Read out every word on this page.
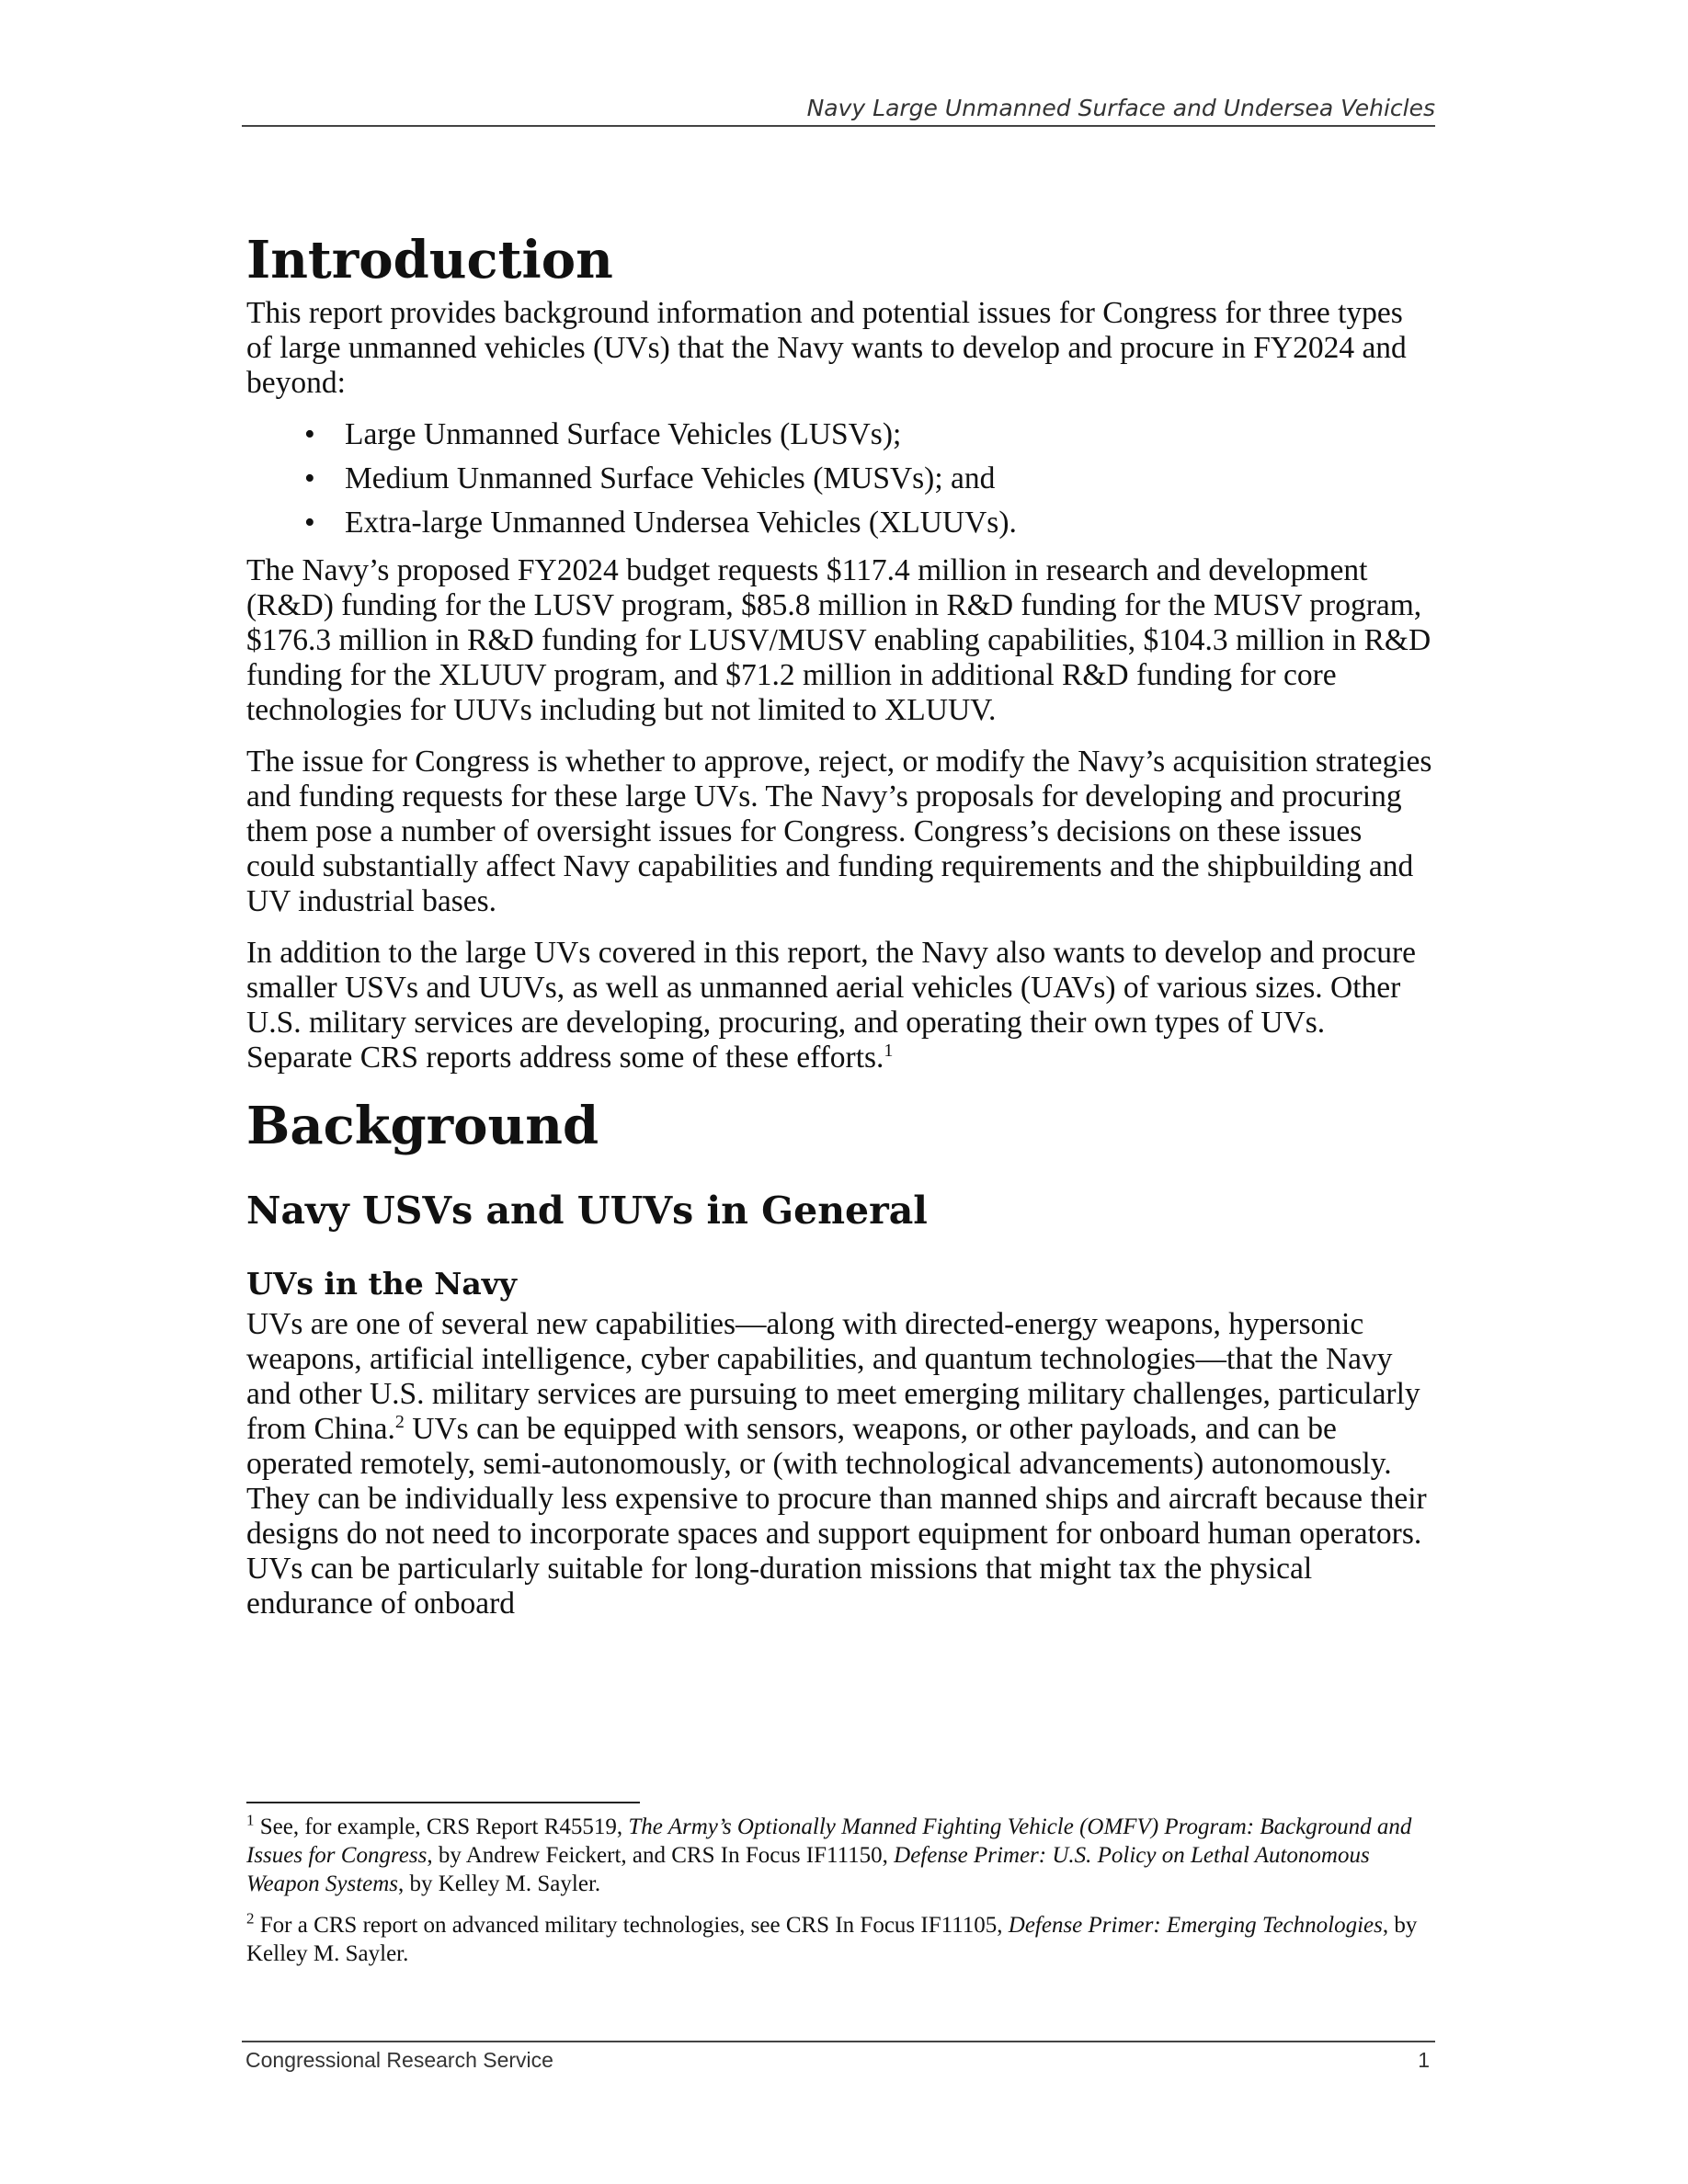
Navy Large Unmanned Surface and Undersea Vehicles
Introduction

This report provides background information and potential issues for Congress for three types of large unmanned vehicles (UVs) that the Navy wants to develop and procure in FY2024 and beyond:

• Large Unmanned Surface Vehicles (LUSVs);
• Medium Unmanned Surface Vehicles (MUSVs); and
• Extra-large Unmanned Undersea Vehicles (XLUUVs).

The Navy’s proposed FY2024 budget requests $117.4 million in research and development (R&D) funding for the LUSV program, $85.8 million in R&D funding for the MUSV program, $176.3 million in R&D funding for LUSV/MUSV enabling capabilities, $104.3 million in R&D funding for the XLUUV program, and $71.2 million in additional R&D funding for core technologies for UUVs including but not limited to XLUUV.

The issue for Congress is whether to approve, reject, or modify the Navy’s acquisition strategies and funding requests for these large UVs. The Navy’s proposals for developing and procuring them pose a number of oversight issues for Congress. Congress’s decisions on these issues could substantially affect Navy capabilities and funding requirements and the shipbuilding and UV industrial bases.

In addition to the large UVs covered in this report, the Navy also wants to develop and procure smaller USVs and UUVs, as well as unmanned aerial vehicles (UAVs) of various sizes. Other U.S. military services are developing, procuring, and operating their own types of UVs. Separate CRS reports address some of these efforts.$^1$

Background
Navy USVs and UUVs in General
UVs in the Navy

UVs are one of several new capabilities—along with directed-energy weapons, hypersonic weapons, artificial intelligence, cyber capabilities, and quantum technologies—that the Navy and other U.S. military services are pursuing to meet emerging military challenges, particularly from China.$^2$ UVs can be equipped with sensors, weapons, or other payloads, and can be operated remotely, semi-autonomously, or (with technological advancements) autonomously. They can be individually less expensive to procure than manned ships and aircraft because their designs do not need to incorporate spaces and support equipment for onboard human operators. UVs can be particularly suitable for long-duration missions that might tax the physical endurance of onboard

$^1$ See, for example, CRS Report R45519, The Army’s Optionally Manned Fighting Vehicle (OMFV) Program: Background and Issues for Congress, by Andrew Feickert, and CRS In Focus IF11150, Defense Primer: U.S. Policy on Lethal Autonomous Weapon Systems, by Kelley M. Sayler.

$^2$ For a CRS report on advanced military technologies, see CRS In Focus IF11105, Defense Primer: Emerging Technologies, by Kelley M. Sayler.

Congressional Research Service	1
